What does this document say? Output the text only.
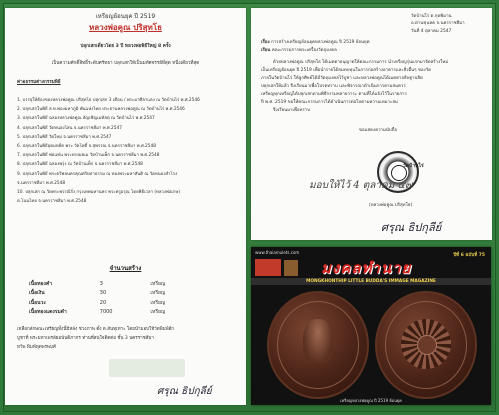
เหรียญย้อนยุค ปี 2519
หลวงพ่อคูณ ปริสุทโธ
ปลุกเสกเดี่ยวโดย 3 ปี หลวงพ่อพิธีใหญ่ 8 ครั้ง
เป็นความศักดิ์สิทธิ์ระดับศรัทธา ปลุกเสกให้เป็นมหัศจรรย์ที่สุด หนึ่งเดียวที่สุด
ค่าอธรรมต่างกรรมพิธี
1. บรรจุให้ต้องของหลวงพ่อคูณ ปริสุทโธ ปลุกเสก 3 เดือน / พระมาศิลาแลง ณ วัดบ้านไร่ พ.ศ.2546
2. ปลุกเสกในพิธี ส.ห.พองมหาภูมิ พันแห่งไทย ประธานหลวงพ่อคูณ ณ วัดบ้านไร่ พ.ศ.2546
3. ปลุกเสกในพิธี ฉลองหลวงพ่อคูณ อัญเชิญเมทัลตุ ณ วัดบ้านไร่ พ.ศ.2547
4. ปลุกเสกในพิธี วัดหนองโสน จ.นครราชสีมา พ.ศ.2547
5. ปลุกเสกในพิธี วัดใหม่ จ.นครราชสีมา พ.ศ.2547
6. ปลุกเสกในพิธีอุดมหลีต พระ วัดโพธิ์ จ.สุพรรณ จ.นครราชสีมา พ.ศ.2548
7. ปลุกเสกในพิธี พ่อแท่น พระทรงผลเม วัดบ้านเพ็ก จ.นครราชสีมา พ.ศ.2548
8. ปลุกเสกในพิธี ฉลองพรุ่ง ณ วัดบ้านเพ็ก จ.นครราชสีมา พ.ศ.2548
9. ปลุกเสกในพิธี พระตรีพลนครคุณศรัทธาธรรม ณ ทองพระมหาสันติ ณ วัดหนองสำโรง
จ.นครราชสีมา พ.ศ.2548
10. ปลุกเสก ณ วัดพระพรรณีรั่ง กรุงเทพมหานคร พระครูอรุณ โดยพิธีเวลา (หลวงพ่อเกษ)
ต.โนนไทย จ.นครราชสีมา พ.ศ.2548
จำนวนสร้าง
เนื้อทองคำ	3	เหรียญ
เนื้อเงิน	30	เหรียญ
เนื้อนวะ	20	เหรียญ
เนื้อทองแดงรมดำ	7000	เหรียญ
เหลือกลักษณะเหรียญทั้งนี้มีหลัง ช่วงภาพ ตั้ง ต.สันทุเทาะ โดยนำมอบให้วัดพิมพ์อีก
บูชาที่ พระมหาเพรลัยอนันติภากร ท่านที่สนใจติดต่อ ชั้น 3 นครราชสีมา
หวีพ พิมพ์หุดพรพมศ์
ศรุณ ธิปกุลีย์
วัดบ้านไร่ ต.กุดพิมาน
อ.ด่านขุนทด จ.นครราชสีมา
วันที่ 4 ตุลาคม 2547
เรื่อง การสร้างเหรียญย้อนยุคหลวงพ่อคูณ ปี 2519 ย้อนยุค
เรียน คณะกรรมการพระเครื่องวัตถุมงคล
ด้วยหลวงพ่อคูณ ปริสุทโธ ได้เมตตาอนุญาตให้คณะกรรมการ นำเหรียญรุ่นแรกมาจัดสร้างใหม่
เป็นเหรียญย้อนยุค ปี 2519 เพื่อนำรายได้สมทบทุนในการก่อสร้างอาคารและสิ่งอื่นๆ ของวัด
ภายในวัดบ้านไร่ ให้ลูกศิษย์ได้มีวัตถุมงคลไว้บูชา และหลวงพ่อคูณได้เมตตาอธิษฐานจิต
ปลุกเสกให้แล้ว จึงเรียนมาเพื่อโปรดทราบ และพิจารณาดำเนินการตามสมควร
เหรียญทุกเหรียญได้ปลุกเสกตามพิธีกรรมหลายวาระ ตามที่ได้แจ้งไว้ในรายการ
ปี พ.ศ. 2519 ขอให้คณะกรรมการได้ดำเนินการต่อไปตามความเหมาะสม
จึงเรียนมาเพื่อทราบ
ขอแสดงความนับถือ
วัดบ้านไร่
มอบให้ไว้ 4 ตุลาคม ๔๗
(หลวงพ่อคูณ ปริสุทโธ)
ศรุณ ธิปกุลีย์
www.thaiamulets.com
ปีที่ 6 ฉบับที่ 75
มงคลทำนาย
MONGKHONTHIP LITTLE BUDDA'S IMMAGE MAGAZINE
เหรียญหลวงพ่อคูณ ปี 2519 ย้อนยุค
